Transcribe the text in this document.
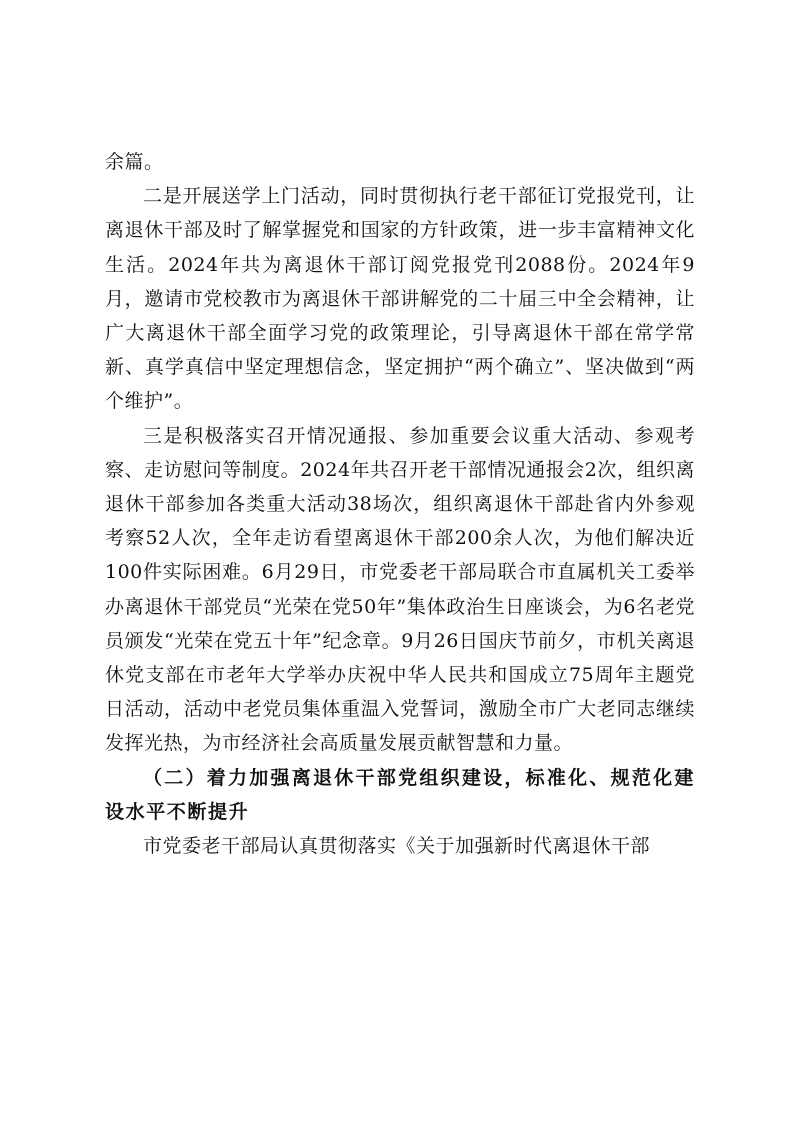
余篇。

二是开展送学上门活动，同时贯彻执行老干部征订党报党刊，让离退休干部及时了解掌握党和国家的方针政策，进一步丰富精神文化生活。2024年共为离退休干部订阅党报党刊2088份。2024年9月，邀请市党校教市为离退休干部讲解党的二十届三中全会精神，让广大离退休干部全面学习党的政策理论，引导离退休干部在常学常新、真学真信中坚定理想信念，坚定拥护“两个确立”、坚决做到“两个维护”。

三是积极落实召开情况通报、参加重要会议重大活动、参观考察、走访慰问等制度。2024年共召开老干部情况通报会2次，组织离退休干部参加各类重大活动38场次，组织离退休干部赴省内外参观考察52人次，全年走访看望离退休干部200余人次，为他们解决近100件实际困难。6月29日，市党委老干部局联合市直属机关工委举办离退休干部党员“光荣在党50年”集体政治生日座谈会，为6名老党员颁发“光荣在党五十年”纪念章。9月26日国庆节前夕，市机关离退休党支部在市老年大学举办庆祝中华人民共和国成立75周年主题党日活动，活动中老党员集体重温入党誓词，激励全市广大老同志继续发挥光热，为市经济社会高质量发展贡献智慧和力量。

（二）着力加强离退休干部党组织建设，标准化、规范化建设水平不断提升

市党委老干部局认真贯彻落实《关于加强新时代离退休干部
